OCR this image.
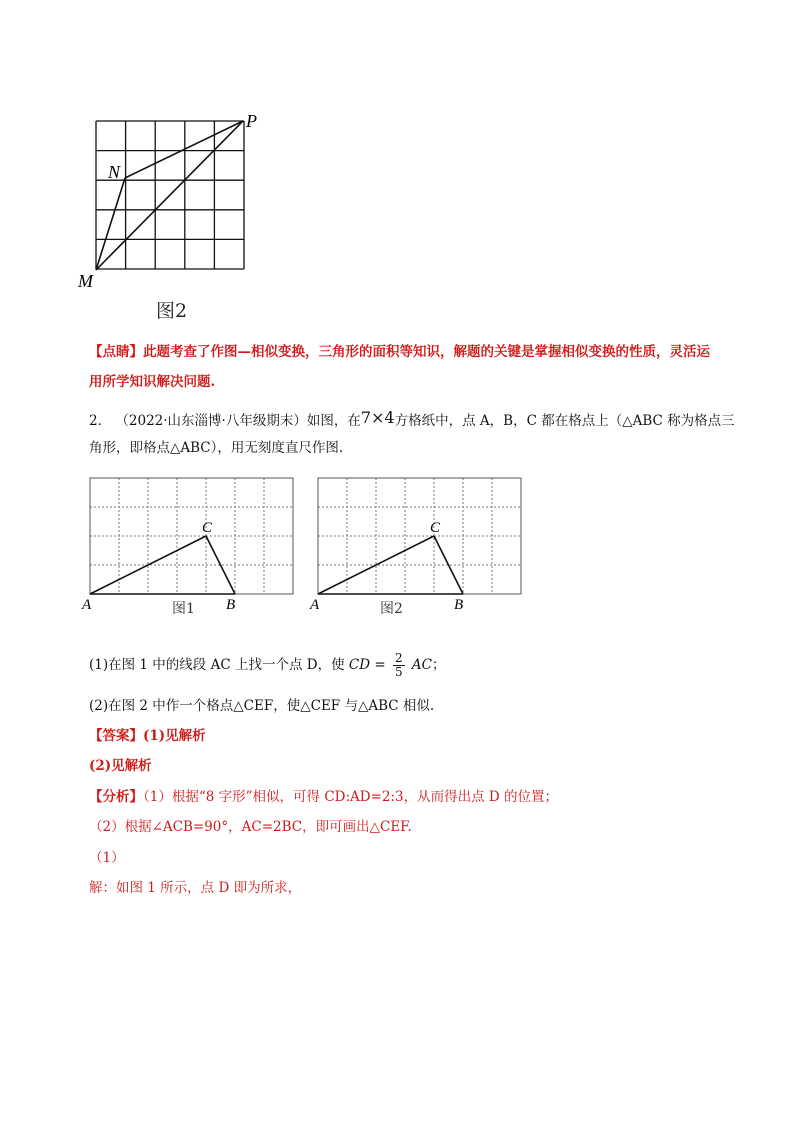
P
N
M
图2
【点睛】此题考查了作图—相似变换，三角形的面积等知识，解题的关键是掌握相似变换的性质，灵活运
用所学知识解决问题.
2． （2022·山东淄博·八年级期末）如图，在7×4方格纸中，点 A，B，C 都在格点上（△ABC 称为格点三
角形，即格点△ABC），用无刻度直尺作图.
A	B
C
图1	A	B
C
图2
(1)在图 1 中的线段 AC 上找一个点 D，使 CD = $\frac{2}{5}$ AC；
(2)在图 2 中作一个格点△CEF，使△CEF 与△ABC 相似.
【答案】(1)见解析
(2)见解析
【分析】（1）根据“8 字形”相似，可得 CD:AD=2:3，从而得出点 D 的位置；
（2）根据∠ACB=90°，AC=2BC，即可画出△CEF.
（1）
解：如图 1 所示，点 D 即为所求，
